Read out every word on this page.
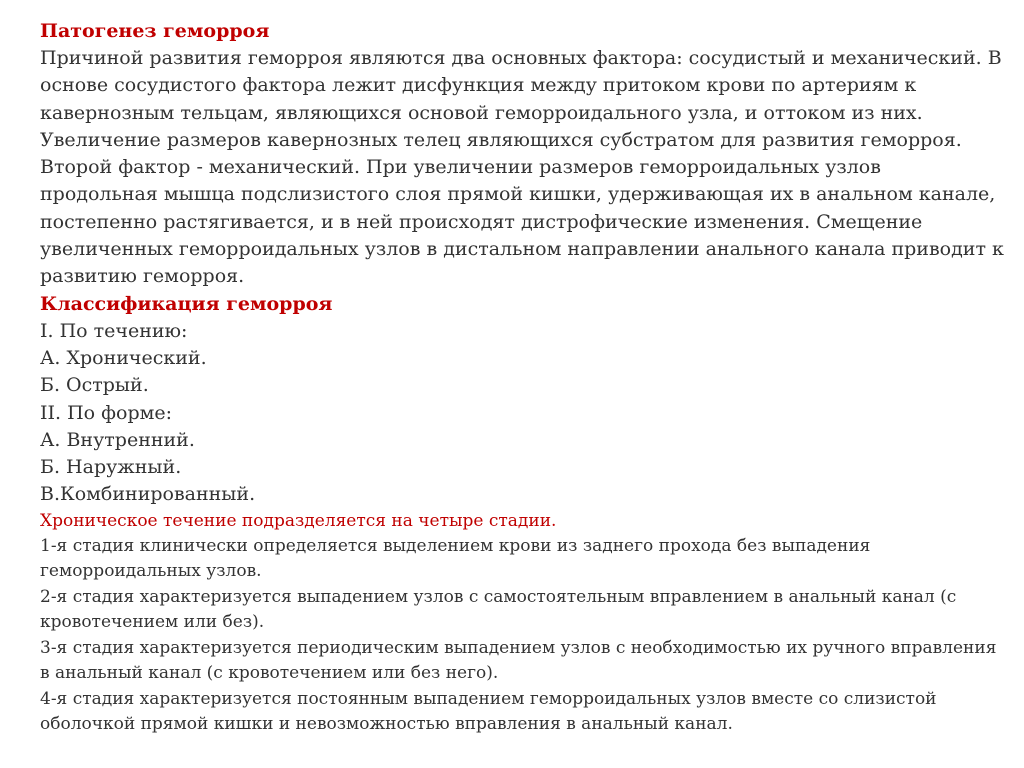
Патогенез геморроя

Причиной развития геморроя являются два основных фактора: сосудистый и механический. В основе сосудистого фактора лежит дисфункция между притоком крови по артериям к кавернозным тельцам, являющихся основой геморроидального узла, и оттоком из них. Увеличение размеров кавернозных телец являющихся субстратом для развития геморроя. Второй фактор - механический. При увеличении размеров геморроидальных узлов продольная мышца подслизистого слоя прямой кишки, удерживающая их в анальном канале, постепенно растягивается, и в ней происходят дистрофические изменения. Смещение увеличенных геморроидальных узлов в дистальном направлении анального канала приводит к развитию геморроя.

Классификация геморроя

I. По течению:

А. Хронический.

Б. Острый.

II. По форме:

А. Внутренний.

Б. Наружный.

В.Комбинированный.

Хроническое течение подразделяется на четыре стадии.

1-я стадия клинически определяется выделением крови из заднего прохода без выпадения геморроидальных узлов.

2-я стадия характеризуется выпадением узлов с самостоятельным вправлением в анальный канал (с кровотечением или без).

3-я стадия характеризуется периодическим выпадением узлов с необходимостью их ручного вправления в анальный канал (с кровотечением или без него).

4-я стадия характеризуется постоянным выпадением геморроидальных узлов вместе со слизистой оболочкой прямой кишки и невозможностью вправления в анальный канал.
